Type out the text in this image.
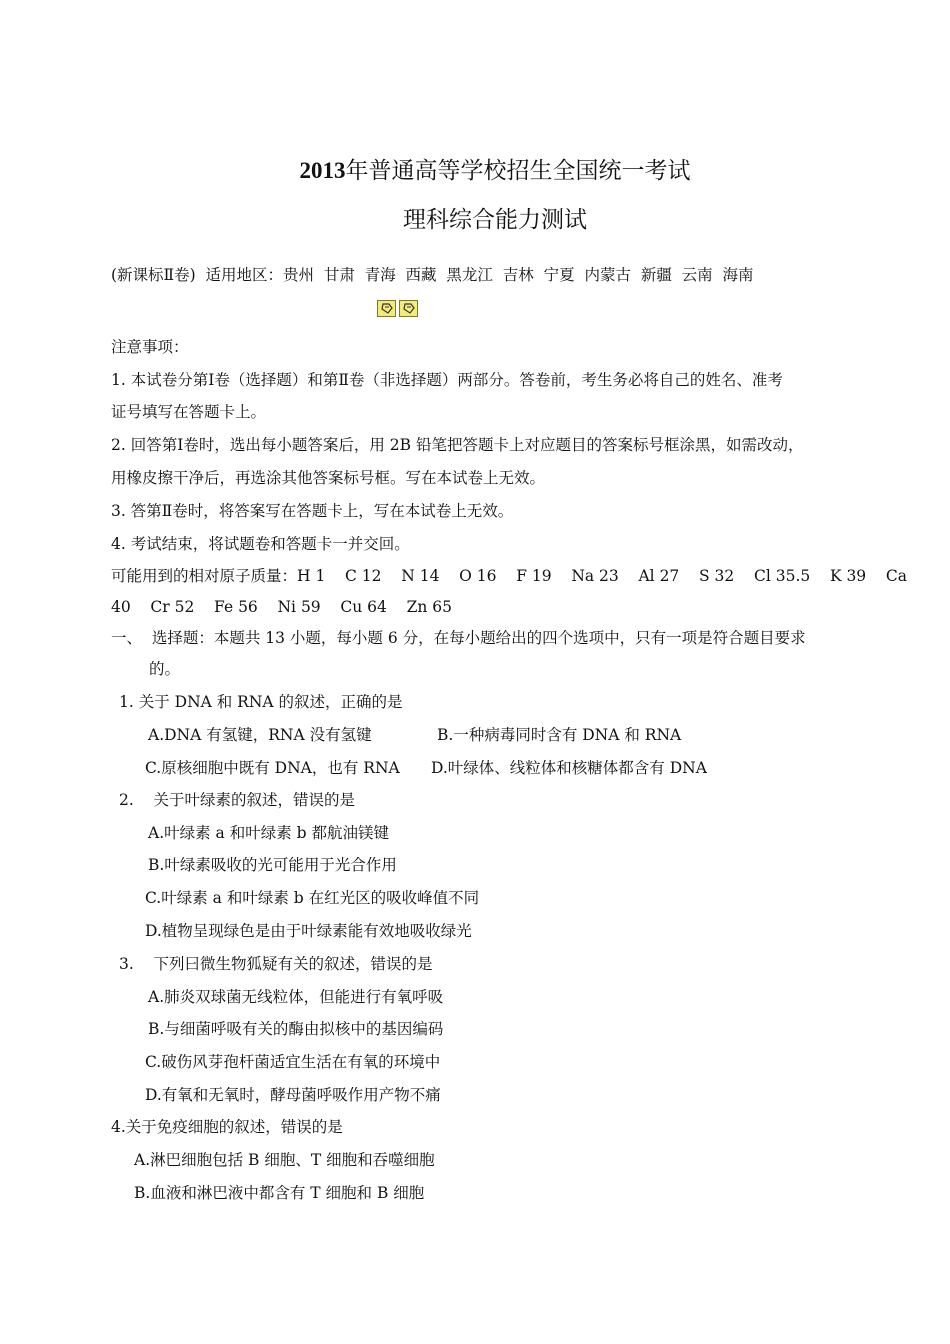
2013年普通高等学校招生全国统一考试
理科综合能力测试
(新课标Ⅱ卷)  适用地区：贵州  甘肃  青海  西藏  黑龙江  吉林  宁夏  内蒙古  新疆  云南  海南
注意事项：
1. 本试卷分第Ⅰ卷（选择题）和第Ⅱ卷（非选择题）两部分。答卷前，考生务必将自己的姓名、准考
证号填写在答题卡上。
2. 回答第Ⅰ卷时，选出每小题答案后，用 2B 铅笔把答题卡上对应题目的答案标号框涂黑，如需改动，
用橡皮擦干净后，再选涂其他答案标号框。写在本试卷上无效。
3. 答第Ⅱ卷时，将答案写在答题卡上，写在本试卷上无效。
4. 考试结束，将试题卷和答题卡一并交回。
可能用到的相对原子质量：H 1    C 12    N 14    O 16    F 19    Na 23    Al 27    S 32    Cl 35.5    K 39    Ca
40    Cr 52    Fe 56    Ni 59    Cu 64    Zn 65
一、  选择题：本题共 13 小题，每小题 6 分，在每小题给出的四个选项中，只有一项是符合题目要求
的。
1. 关于 DNA 和 RNA 的叙述，正确的是
A.DNA 有氢键，RNA 没有氢键	B.一种病毒同时含有 DNA 和 RNA
C.原核细胞中既有 DNA，也有 RNA D.叶绿体、线粒体和核糖体都含有 DNA
2.    关于叶绿素的叙述，错误的是
A.叶绿素 a 和叶绿素 b 都航油镁键
B.叶绿素吸收的光可能用于光合作用
C.叶绿素 a 和叶绿素 b 在红光区的吸收峰值不同
D.植物呈现绿色是由于叶绿素能有效地吸收绿光
3.    下列曰微生物狐疑有关的叙述，错误的是
A.肺炎双球菌无线粒体，但能进行有氧呼吸
B.与细菌呼吸有关的酶由拟核中的基因编码
C.破伤风芽孢杆菌适宜生活在有氧的环境中
D.有氧和无氧时，酵母菌呼吸作用产物不痛
4.关于免疫细胞的叙述，错误的是
A.淋巴细胞包括 B 细胞、T 细胞和吞噬细胞
B.血液和淋巴液中都含有 T 细胞和 B 细胞
